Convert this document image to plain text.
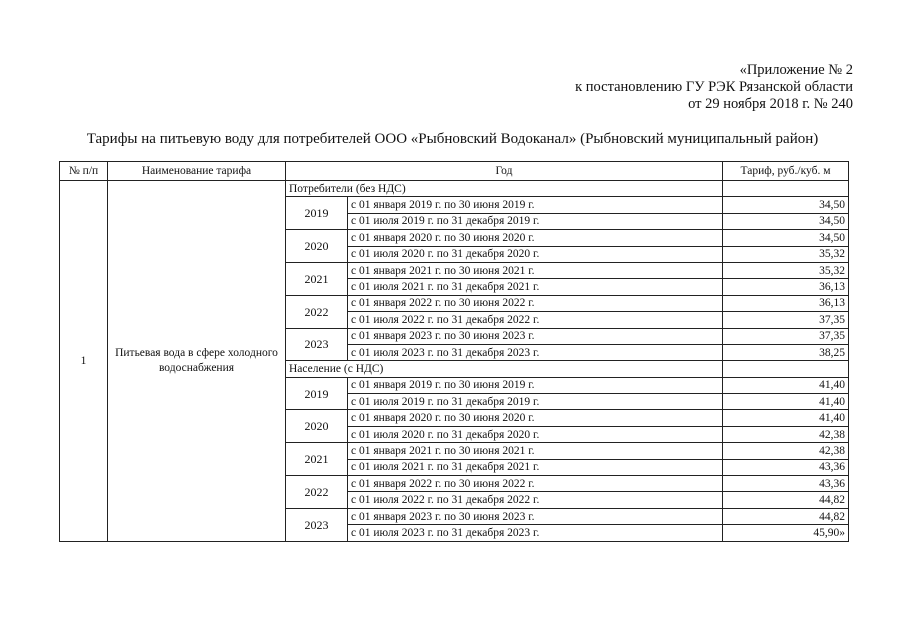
«Приложение № 2
к постановлению ГУ РЭК Рязанской области
от 29 ноября 2018 г. № 240
Тарифы на питьевую воду для потребителей ООО «Рыбновский Водоканал» (Рыбновский муниципальный район)
№ п/п	Наименование тарифа	Год		Тариф, руб./куб. м
1	Питьевая вода в сфере холодного водоснабжения	Потребители (без НДС)		
		2019	с 01 января 2019 г. по 30 июня 2019 г.	34,50
			с 01 июля 2019 г. по 31 декабря 2019 г.	34,50
		2020	с 01 января 2020 г. по 30 июня 2020 г.	34,50
			с 01 июля 2020 г. по 31 декабря 2020 г.	35,32
		2021	с 01 января 2021 г. по 30 июня 2021 г.	35,32
			с 01 июля 2021 г. по 31 декабря 2021 г.	36,13
		2022	с 01 января 2022 г. по 30 июня 2022 г.	36,13
			с 01 июля 2022 г. по 31 декабря 2022 г.	37,35
		2023	с 01 января 2023 г. по 30 июня 2023 г.	37,35
			с 01 июля 2023 г. по 31 декабря 2023 г.	38,25
		Население (с НДС)		
		2019	с 01 января 2019 г. по 30 июня 2019 г.	41,40
			с 01 июля 2019 г. по 31 декабря 2019 г.	41,40
		2020	с 01 января 2020 г. по 30 июня 2020 г.	41,40
			с 01 июля 2020 г. по 31 декабря 2020 г.	42,38
		2021	с 01 января 2021 г. по 30 июня 2021 г.	42,38
			с 01 июля 2021 г. по 31 декабря 2021 г.	43,36
		2022	с 01 января 2022 г. по 30 июня 2022 г.	43,36
			с 01 июля 2022 г. по 31 декабря 2022 г.	44,82
		2023	с 01 января 2023 г. по 30 июня 2023 г.	44,82
			с 01 июля 2023 г. по 31 декабря 2023 г.	45,90»
